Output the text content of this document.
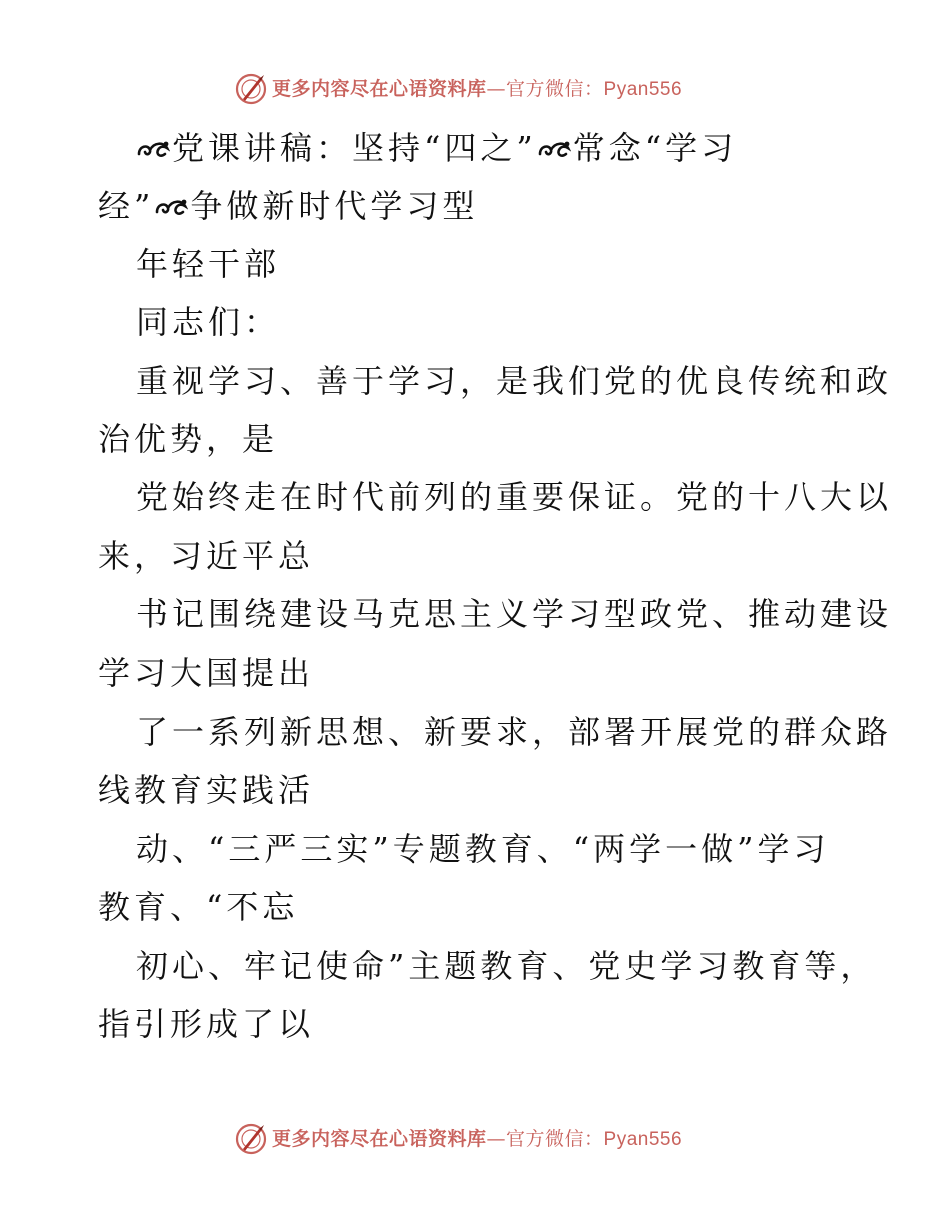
更多内容尽在心语资料库—官方微信：Pyan556
党课讲稿：坚持“四之” 常念“学习
经” 争做新时代学习型
年轻干部
同志们：
重视学习、善于学习，是我们党的优良传统和政
治优势，是
党始终走在时代前列的重要保证。党的十八大以
来，习近平总
书记围绕建设马克思主义学习型政党、推动建设
学习大国提出
了一系列新思想、新要求，部署开展党的群众路
线教育实践活
动、“三严三实”专题教育、“两学一做”学习
教育、“不忘
初心、牢记使命”主题教育、党史学习教育等，
指引形成了以
更多内容尽在心语资料库—官方微信：Pyan556
